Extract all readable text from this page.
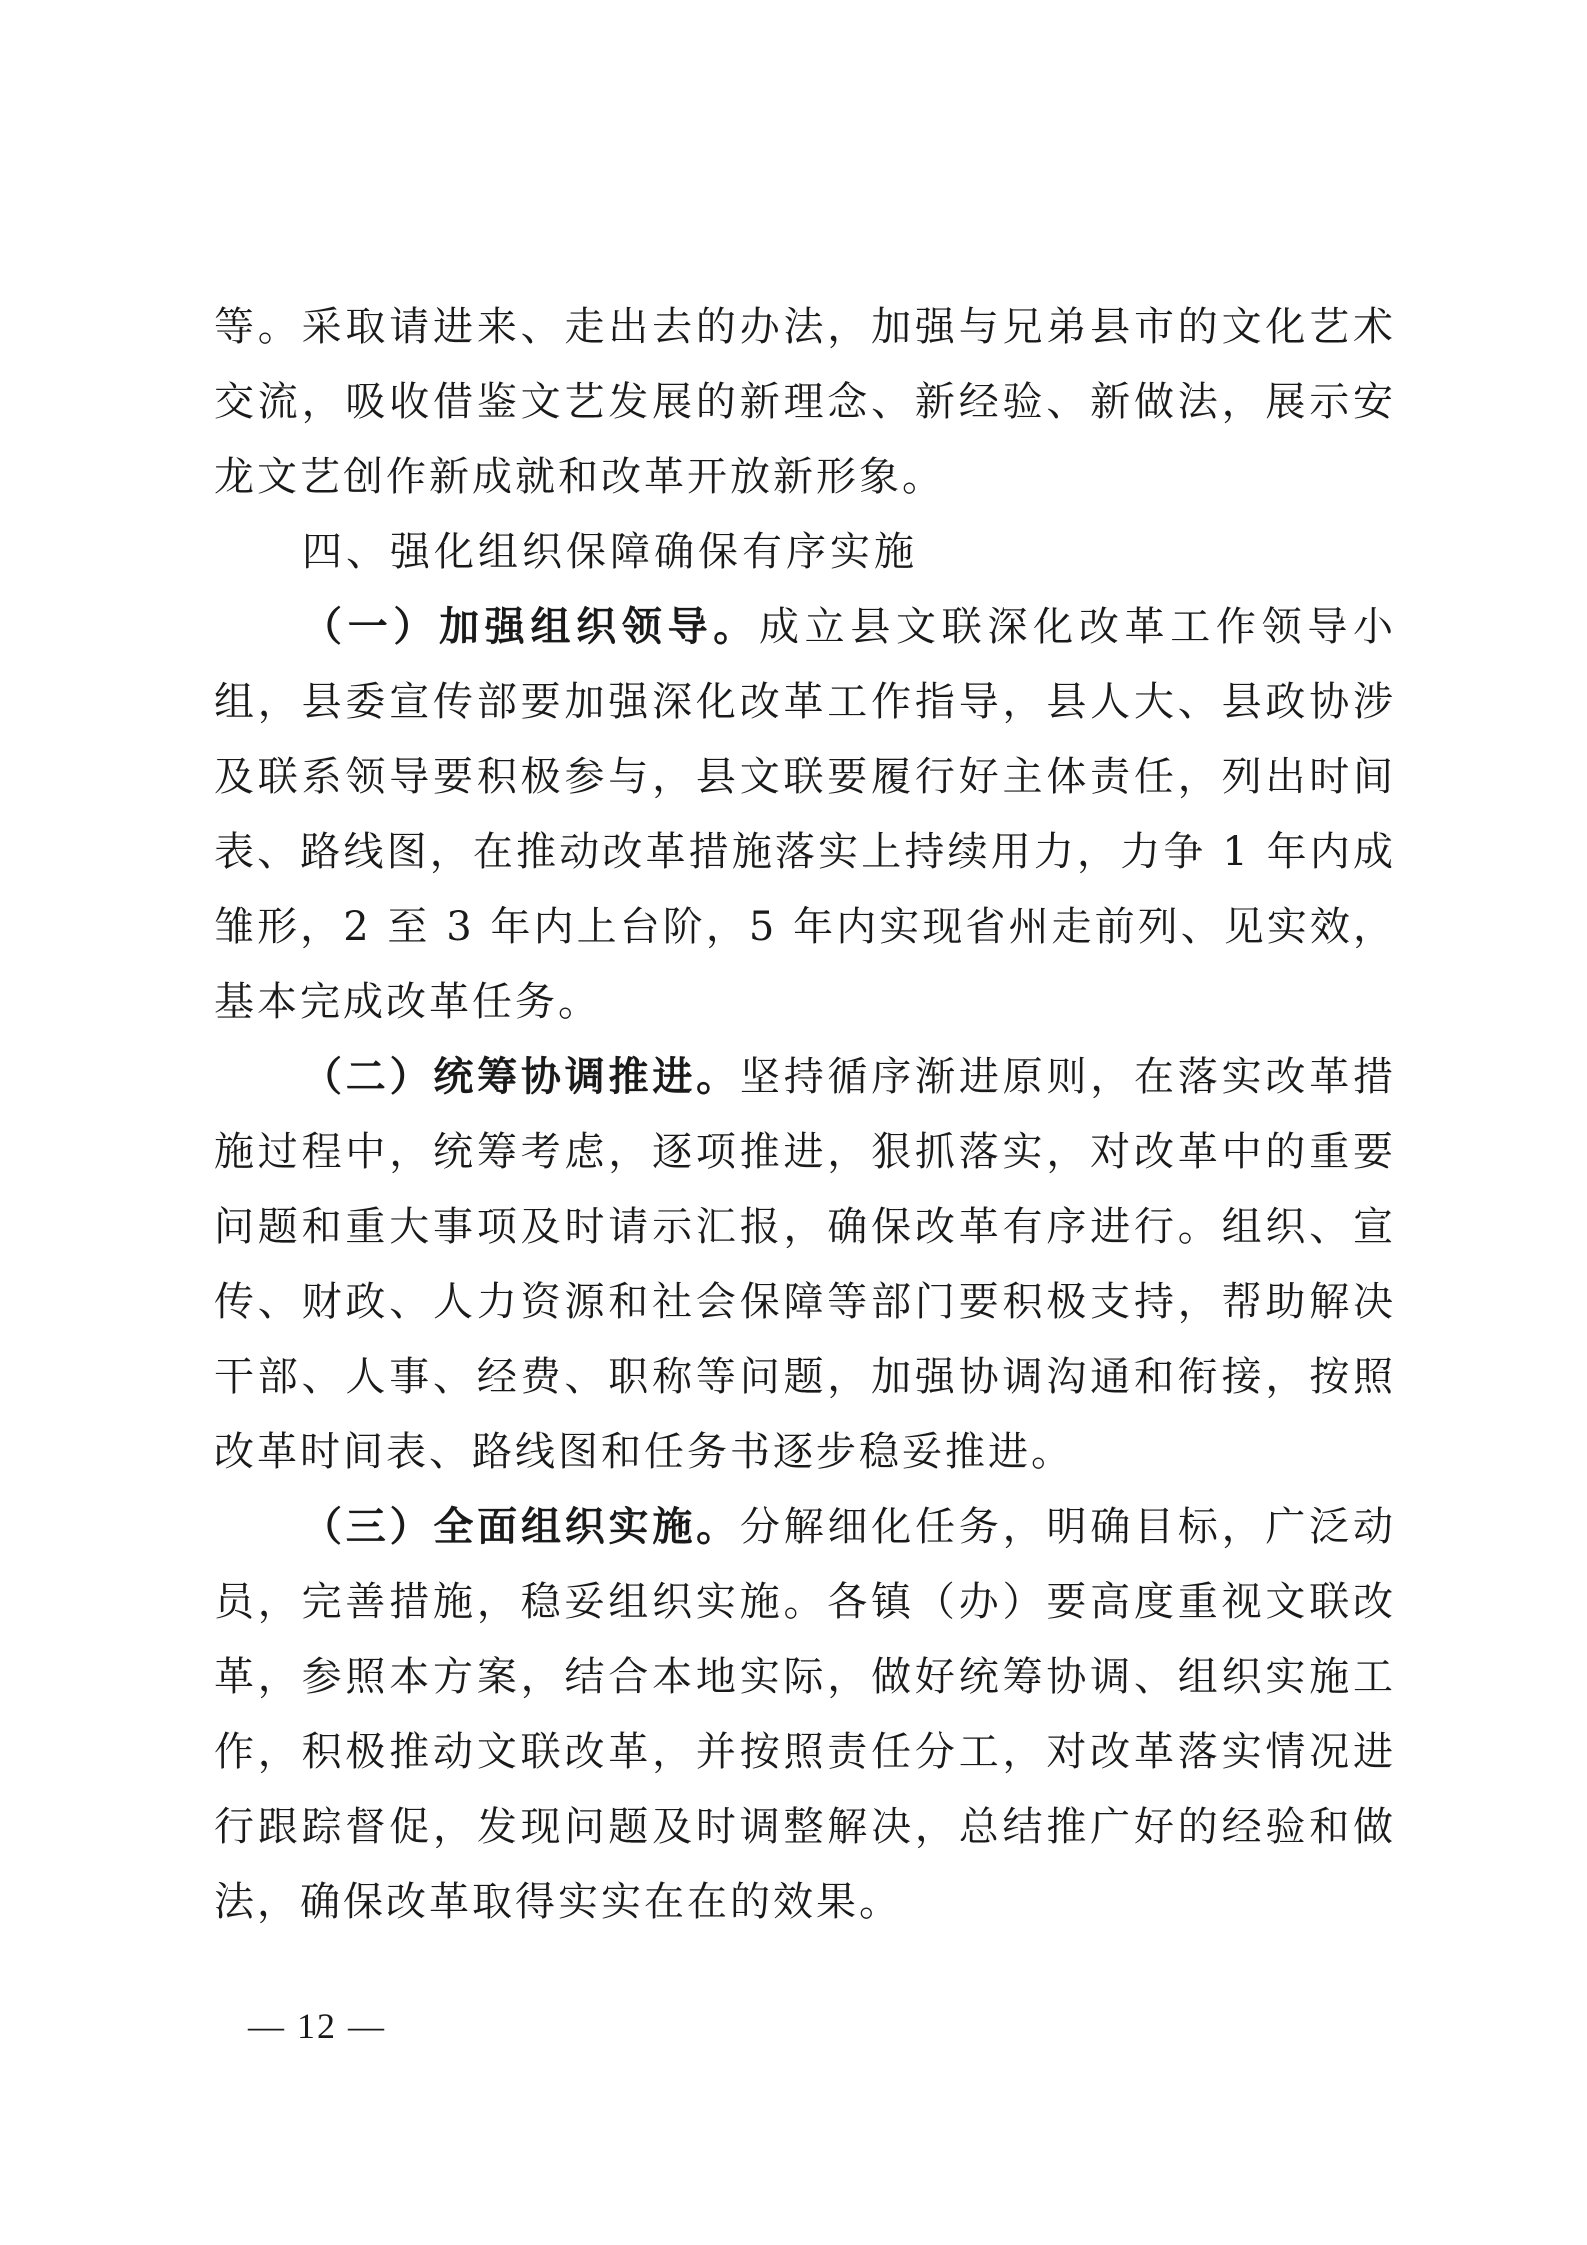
等。采取请进来、走出去的办法，加强与兄弟县市的文化艺术交流，吸收借鉴文艺发展的新理念、新经验、新做法，展示安龙文艺创作新成就和改革开放新形象。

四、强化组织保障确保有序实施

（一）加强组织领导。成立县文联深化改革工作领导小组，县委宣传部要加强深化改革工作指导，县人大、县政协涉及联系领导要积极参与，县文联要履行好主体责任，列出时间表、路线图，在推动改革措施落实上持续用力，力争 1 年内成雏形，2 至 3 年内上台阶，5 年内实现省州走前列、见实效，基本完成改革任务。

（二）统筹协调推进。坚持循序渐进原则，在落实改革措施过程中，统筹考虑，逐项推进，狠抓落实，对改革中的重要问题和重大事项及时请示汇报，确保改革有序进行。组织、宣传、财政、人力资源和社会保障等部门要积极支持，帮助解决干部、人事、经费、职称等问题，加强协调沟通和衔接，按照改革时间表、路线图和任务书逐步稳妥推进。

（三）全面组织实施。分解细化任务，明确目标，广泛动员，完善措施，稳妥组织实施。各镇（办）要高度重视文联改革，参照本方案，结合本地实际，做好统筹协调、组织实施工作，积极推动文联改革，并按照责任分工，对改革落实情况进行跟踪督促，发现问题及时调整解决，总结推广好的经验和做法，确保改革取得实实在在的效果。

— 12 —
